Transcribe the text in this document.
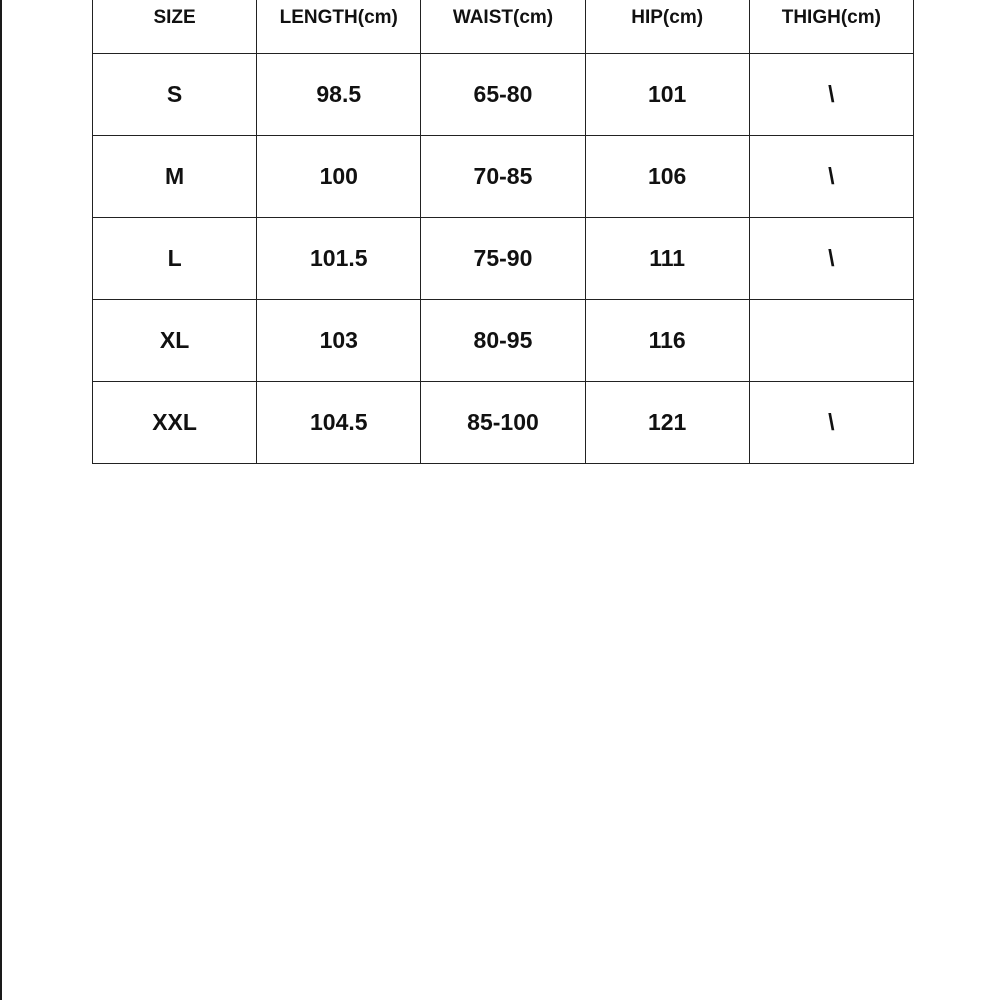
SIZE	LENGTH(cm)	WAIST(cm)	HIP(cm)	THIGH(cm)
S	98.5	65-80	101	\
M	100	70-85	106	\
L	101.5	75-90	111	\
XL	103	80-95	116	
XXL	104.5	85-100	121	\
